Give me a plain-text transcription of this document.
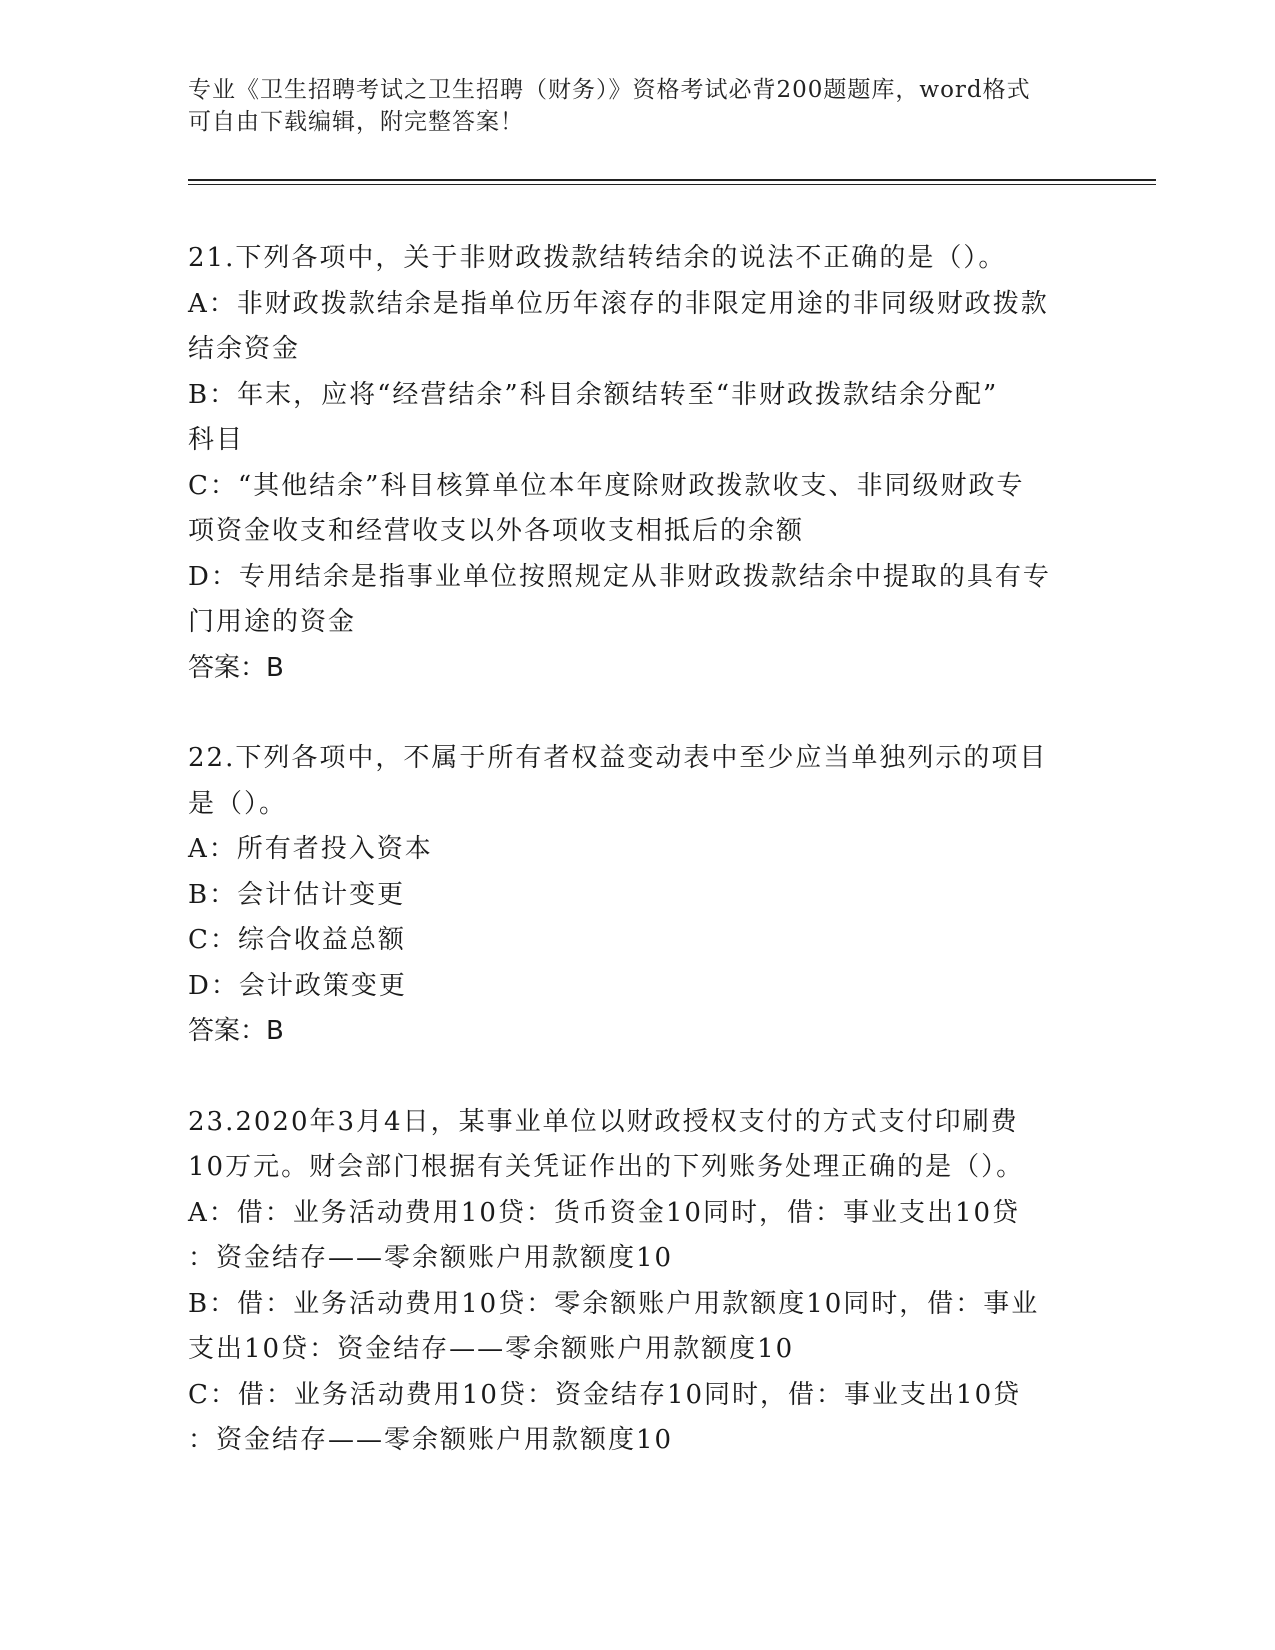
专业《卫生招聘考试之卫生招聘（财务）》资格考试必背200题题库，word格式
可自由下载编辑，附完整答案！
21.下列各项中，关于非财政拨款结转结余的说法不正确的是（）。
A：非财政拨款结余是指单位历年滚存的非限定用途的非同级财政拨款
结余资金
B：年末，应将“经营结余”科目余额结转至“非财政拨款结余分配”
科目
C：“其他结余”科目核算单位本年度除财政拨款收支、非同级财政专
项资金收支和经营收支以外各项收支相抵后的余额
D：专用结余是指事业单位按照规定从非财政拨款结余中提取的具有专
门用途的资金
答案：B
22.下列各项中，不属于所有者权益变动表中至少应当单独列示的项目
是（）。
A：所有者投入资本
B：会计估计变更
C：综合收益总额
D：会计政策变更
答案：B
23.2020年3月4日，某事业单位以财政授权支付的方式支付印刷费
10万元。财会部门根据有关凭证作出的下列账务处理正确的是（）。
A：借：业务活动费用10贷：货币资金10同时，借：事业支出10贷
：资金结存——零余额账户用款额度10
B：借：业务活动费用10贷：零余额账户用款额度10同时，借：事业
支出10贷：资金结存——零余额账户用款额度10
C：借：业务活动费用10贷：资金结存10同时，借：事业支出10贷
：资金结存——零余额账户用款额度10
